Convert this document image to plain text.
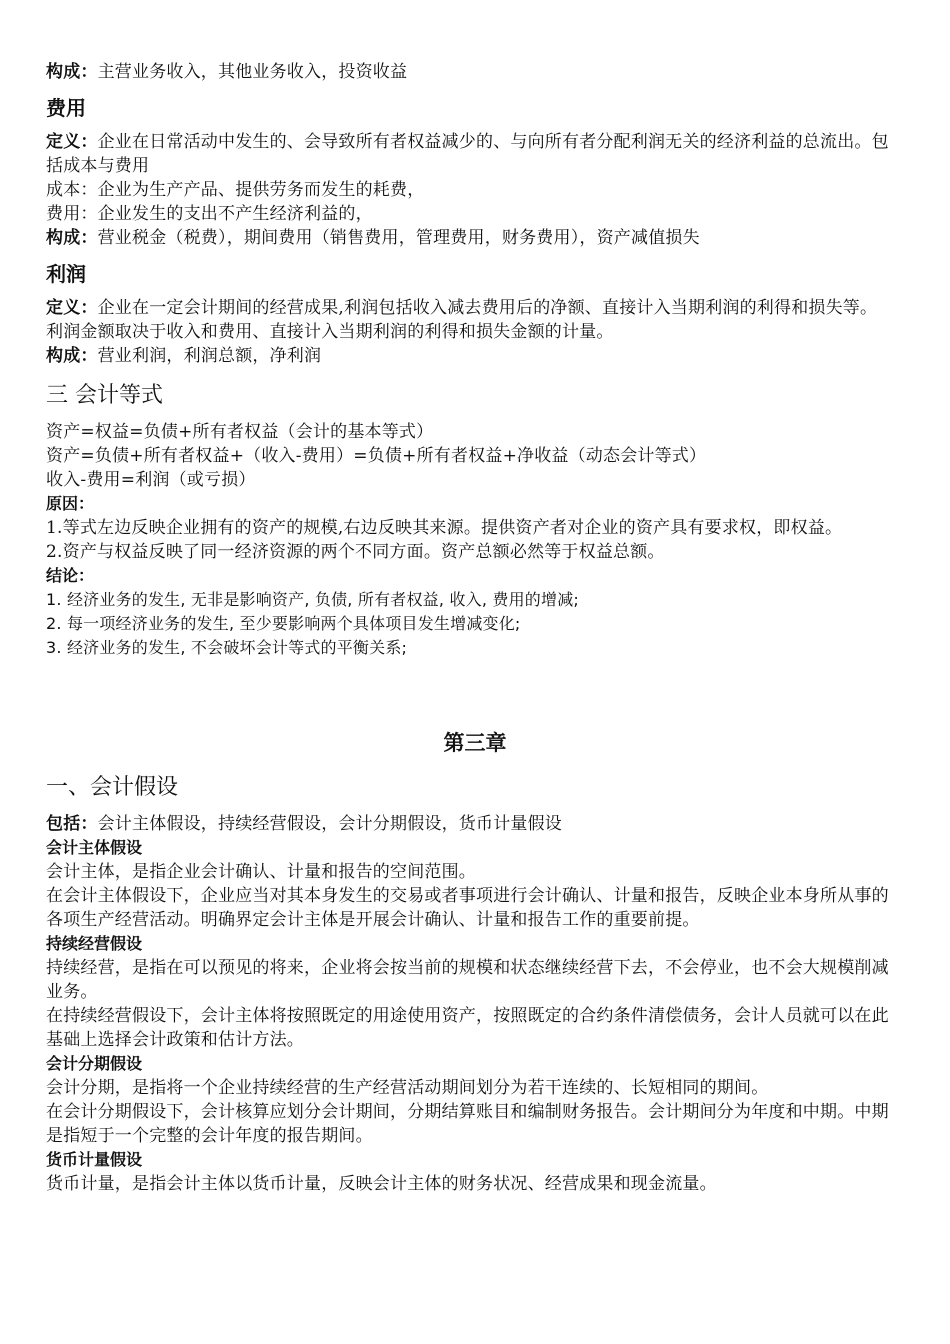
构成：主营业务收入，其他业务收入，投资收益

费用

定义：企业在日常活动中发生的、会导致所有者权益减少的、与向所有者分配利润无关的经济利益的总流出。包括成本与费用

成本：企业为生产产品、提供劳务而发生的耗费，

费用：企业发生的支出不产生经济利益的，

构成：营业税金（税费），期间费用（销售费用，管理费用，财务费用），资产减值损失

利润

定义：企业在一定会计期间的经营成果,利润包括收入减去费用后的净额、直接计入当期利润的利得和损失等。

利润金额取决于收入和费用、直接计入当期利润的利得和损失金额的计量。

构成：营业利润，利润总额，净利润

三 会计等式

资产=权益=负债+所有者权益（会计的基本等式）

资产=负债+所有者权益+（收入-费用）=负债+所有者权益+净收益（动态会计等式）

收入-费用=利润（或亏损）

原因：

1.等式左边反映企业拥有的资产的规模,右边反映其来源。提供资产者对企业的资产具有要求权，即权益。

2.资产与权益反映了同一经济资源的两个不同方面。资产总额必然等于权益总额。

结论：

1. 经济业务的发生, 无非是影响资产, 负债, 所有者权益, 收入, 费用的增减;

2. 每一项经济业务的发生, 至少要影响两个具体项目发生增减变化;

3. 经济业务的发生, 不会破坏会计等式的平衡关系;

第三章
一、会计假设

包括：会计主体假设，持续经营假设，会计分期假设，货币计量假设

会计主体假设

会计主体，是指企业会计确认、计量和报告的空间范围。

在会计主体假设下，企业应当对其本身发生的交易或者事项进行会计确认、计量和报告，反映企业本身所从事的各项生产经营活动。明确界定会计主体是开展会计确认、计量和报告工作的重要前提。

持续经营假设

持续经营，是指在可以预见的将来，企业将会按当前的规模和状态继续经营下去，不会停业，也不会大规模削减业务。

在持续经营假设下，会计主体将按照既定的用途使用资产，按照既定的合约条件清偿债务，会计人员就可以在此基础上选择会计政策和估计方法。

会计分期假设

会计分期，是指将一个企业持续经营的生产经营活动期间划分为若干连续的、长短相同的期间。

在会计分期假设下，会计核算应划分会计期间，分期结算账目和编制财务报告。会计期间分为年度和中期。中期是指短于一个完整的会计年度的报告期间。

货币计量假设

货币计量，是指会计主体以货币计量，反映会计主体的财务状况、经营成果和现金流量。
